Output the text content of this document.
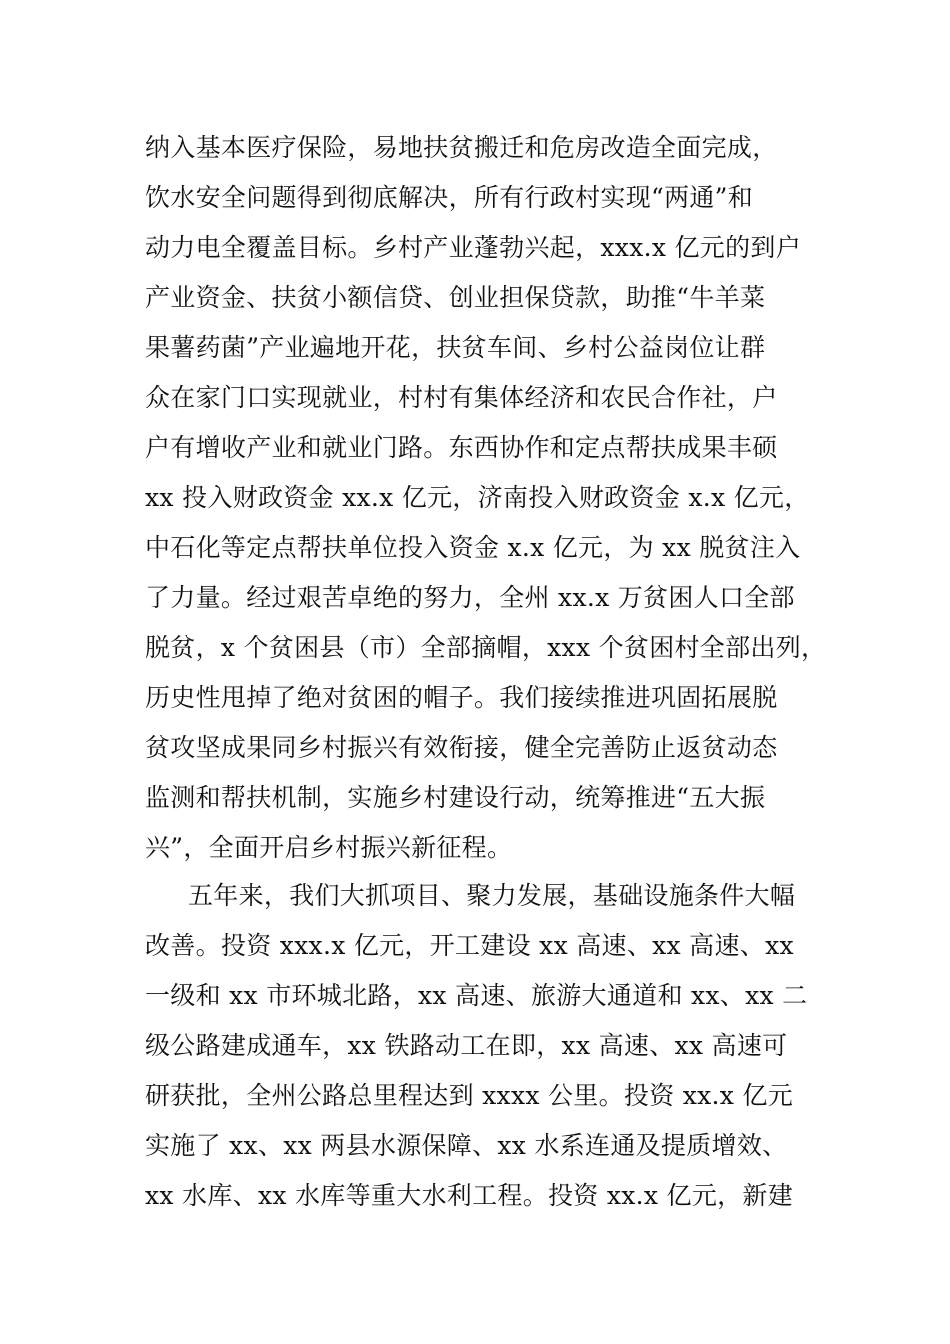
纳入基本医疗保险，易地扶贫搬迁和危房改造全面完成，
饮水安全问题得到彻底解决，所有行政村实现“两通”和
动力电全覆盖目标。乡村产业蓬勃兴起，xxx.x 亿元的到户
产业资金、扶贫小额信贷、创业担保贷款，助推“牛羊菜
果薯药菌”产业遍地开花，扶贫车间、乡村公益岗位让群
众在家门口实现就业，村村有集体经济和农民合作社，户
户有增收产业和就业门路。东西协作和定点帮扶成果丰硕
xx 投入财政资金 xx.x 亿元，济南投入财政资金 x.x 亿元，
中石化等定点帮扶单位投入资金 x.x 亿元，为 xx 脱贫注入
了力量。经过艰苦卓绝的努力，全州 xx.x 万贫困人口全部
脱贫，x 个贫困县（市）全部摘帽，xxx 个贫困村全部出列，
历史性甩掉了绝对贫困的帽子。我们接续推进巩固拓展脱
贫攻坚成果同乡村振兴有效衔接，健全完善防止返贫动态
监测和帮扶机制，实施乡村建设行动，统筹推进“五大振
兴”，全面开启乡村振兴新征程。
五年来，我们大抓项目、聚力发展，基础设施条件大幅
改善。投资 xxx.x 亿元，开工建设 xx 高速、xx 高速、xx
一级和 xx 市环城北路，xx 高速、旅游大通道和 xx、xx 二
级公路建成通车，xx 铁路动工在即，xx 高速、xx 高速可
研获批，全州公路总里程达到 xxxx 公里。投资 xx.x 亿元
实施了 xx、xx 两县水源保障、xx 水系连通及提质增效、
xx 水库、xx 水库等重大水利工程。投资 xx.x 亿元，新建
